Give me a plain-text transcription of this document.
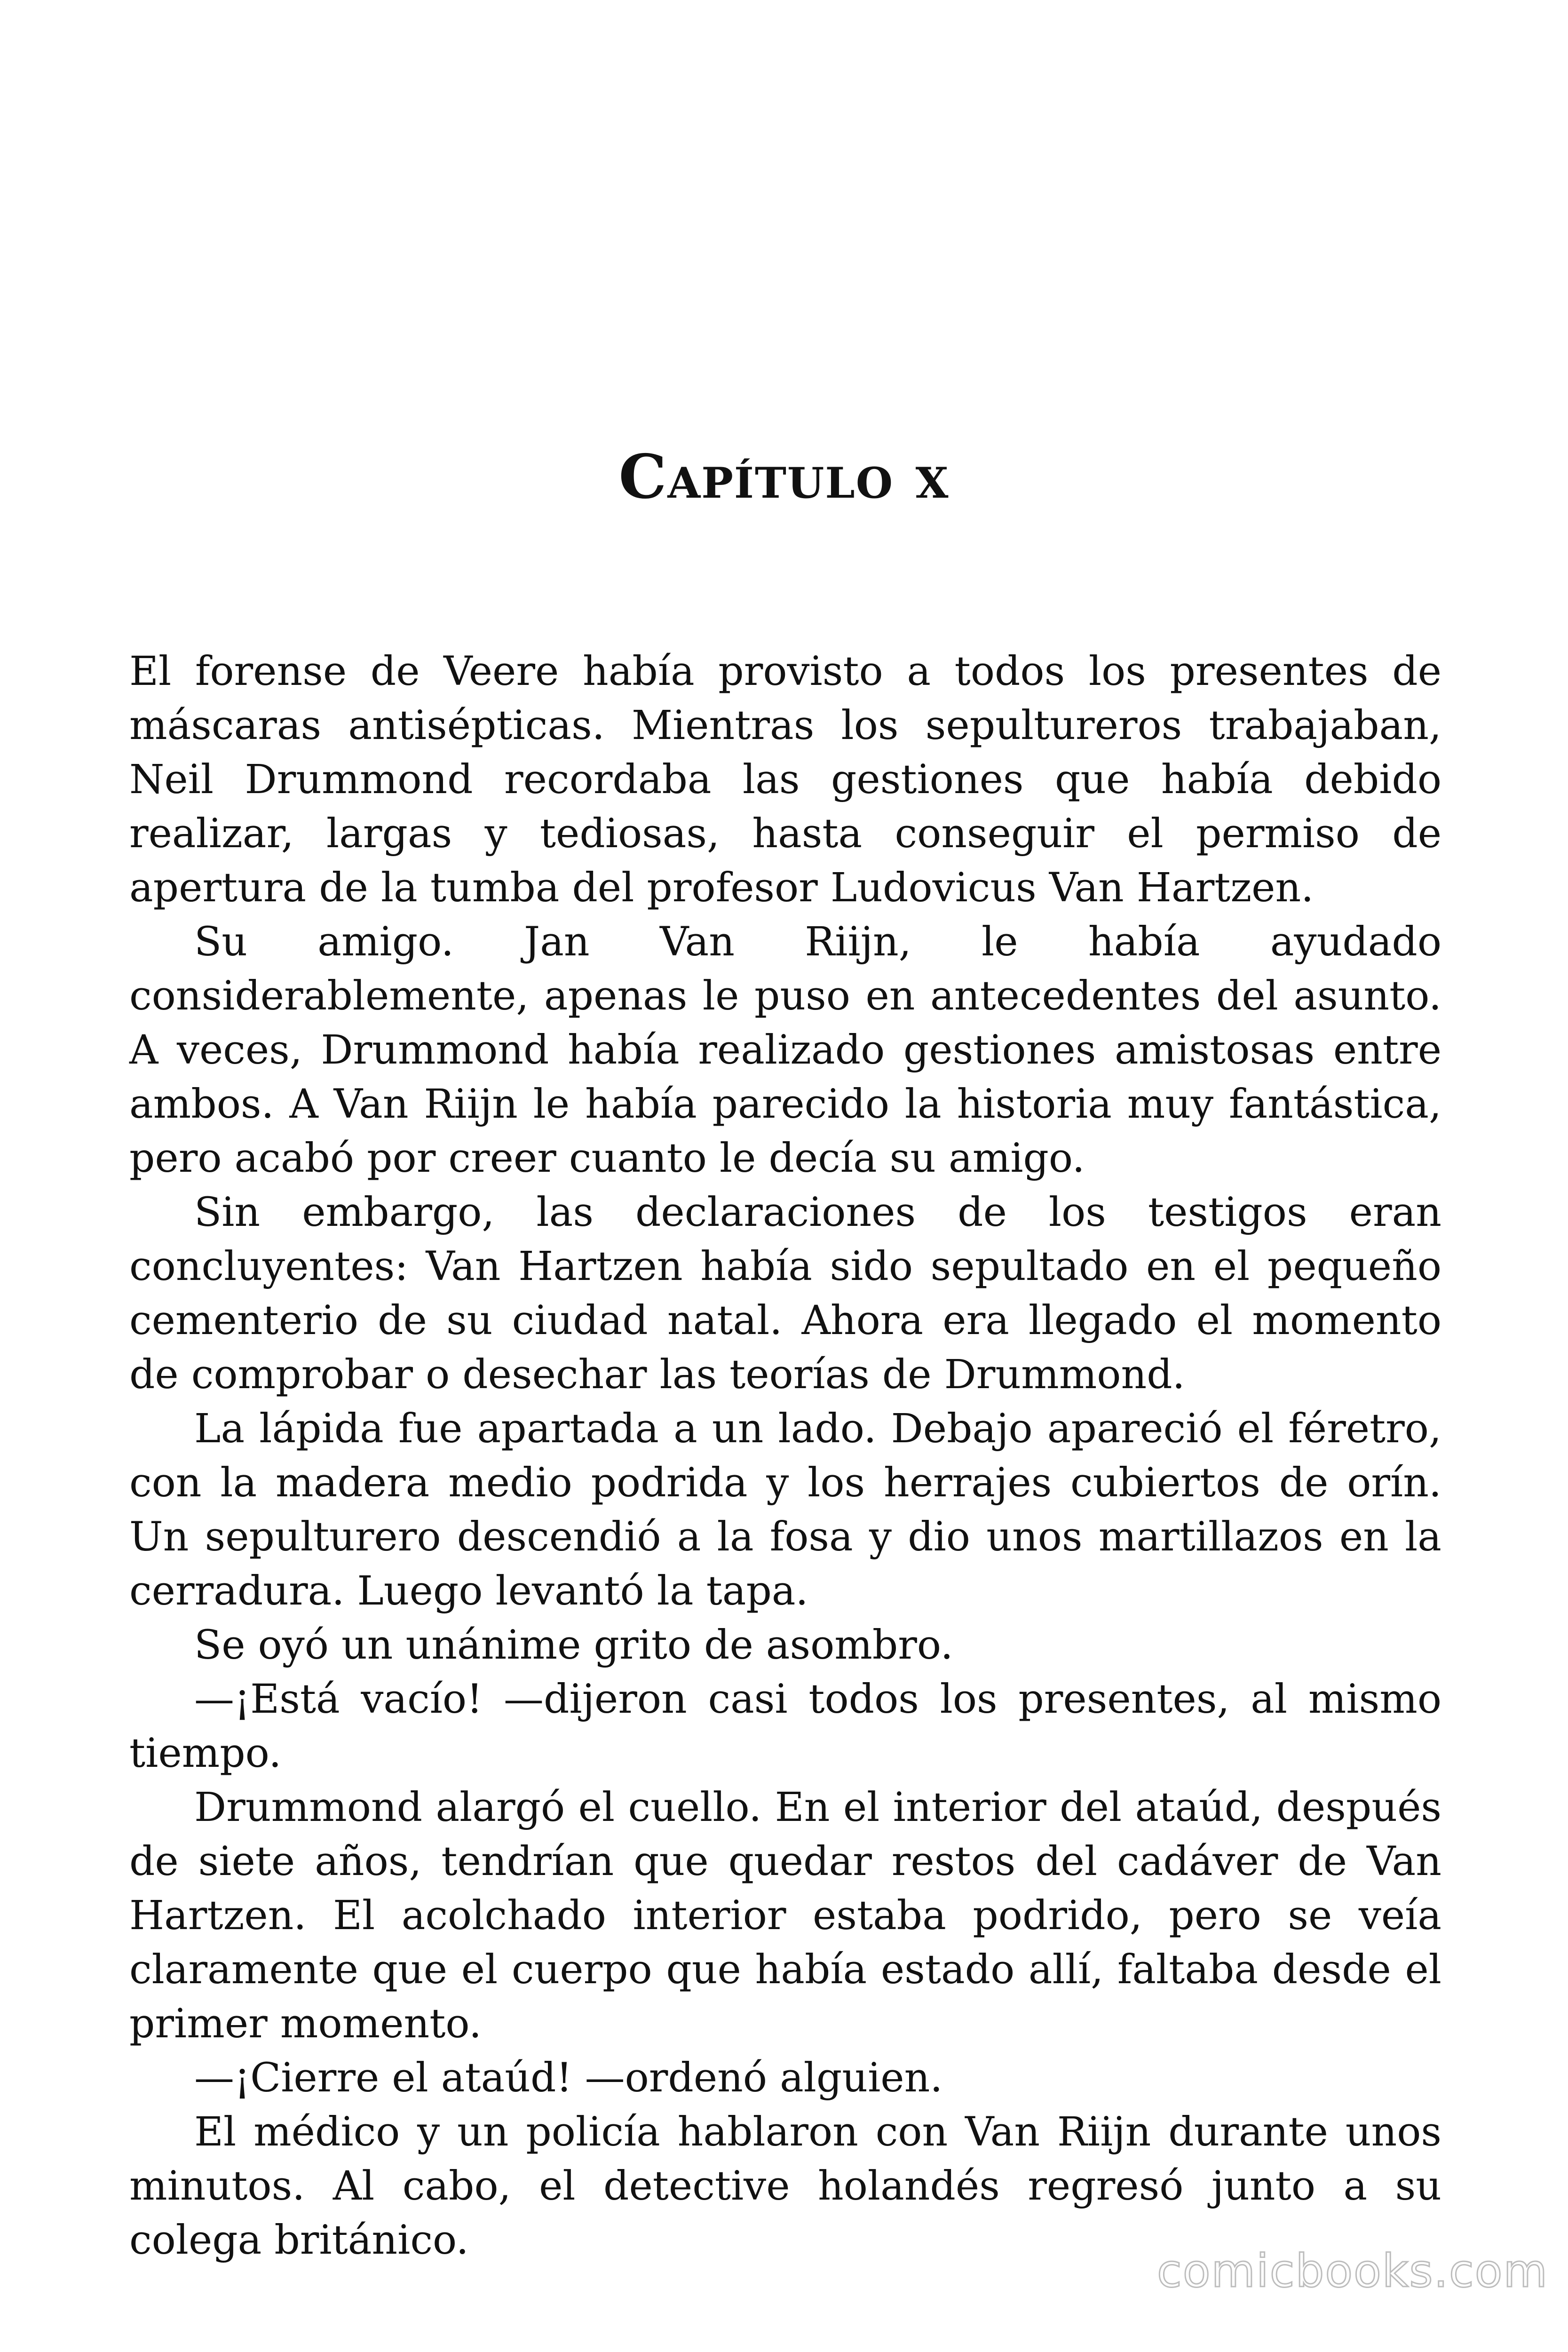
Capítulo x

El forense de Veere había provisto a todos los presentes de máscaras antisépticas. Mientras los sepultureros trabajaban, Neil Drummond recordaba las gestiones que había debido realizar, largas y tediosas, hasta conseguir el permiso de apertura de la tumba del profesor Ludovicus Van Hartzen.

Su amigo. Jan Van Riijn, le había ayudado considerablemente, apenas le puso en antecedentes del asunto. A veces, Drummond había realizado gestiones amistosas entre ambos. A Van Riijn le había parecido la historia muy fantástica, pero acabó por creer cuanto le decía su amigo.

Sin embargo, las declaraciones de los testigos eran concluyentes: Van Hartzen había sido sepultado en el pequeño cementerio de su ciudad natal. Ahora era llegado el momento de comprobar o desechar las teorías de Drummond.

La lápida fue apartada a un lado. Debajo apareció el féretro, con la madera medio podrida y los herrajes cubiertos de orín. Un sepulturero descendió a la fosa y dio unos martillazos en la cerradura. Luego levantó la tapa.

Se oyó un unánime grito de asombro.

—¡Está vacío! —dijeron casi todos los presentes, al mismo tiempo.

Drummond alargó el cuello. En el interior del ataúd, después de siete años, tendrían que quedar restos del cadáver de Van Hartzen. El acolchado interior estaba podrido, pero se veía claramente que el cuerpo que había estado allí, faltaba desde el primer momento.

—¡Cierre el ataúd! —ordenó alguien.

El médico y un policía hablaron con Van Riijn durante unos minutos. Al cabo, el detective holandés regresó junto a su colega británico.

comicbooks.com
